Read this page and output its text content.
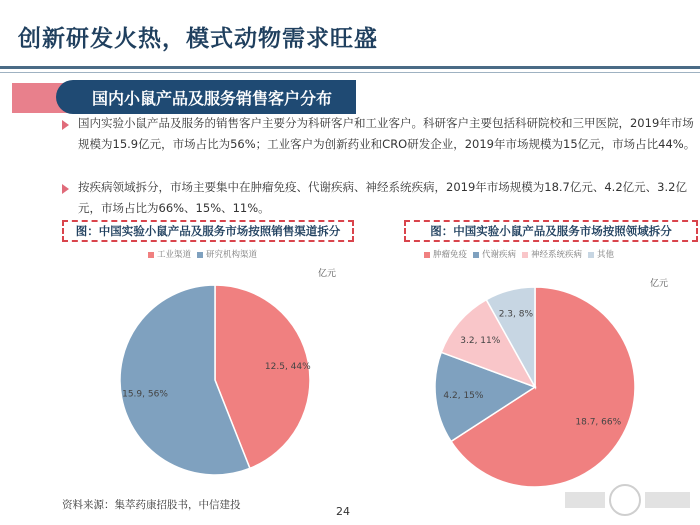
创新研发火热，模式动物需求旺盛
国内小鼠产品及服务销售客户分布
国内实验小鼠产品及服务的销售客户主要分为科研客户和工业客户。科研客户主要包括科研院校和三甲医院，2019年市场规模为15.9亿元，市场占比为56%；工业客户为创新药业和CRO研发企业，2019年市场规模为15亿元，市场占比44%。
按疾病领域拆分，市场主要集中在肿瘤免疫、代谢疾病、神经系统疾病，2019年市场规模为18.7亿元、4.2亿元、3.2亿元，市场占比为66%、15%、11%。
图：中国实验小鼠产品及服务市场按照销售渠道拆分
工业渠道	研究机构渠道
亿元
12.5, 44%
15.9, 56%
图：中国实验小鼠产品及服务市场按照领域拆分
肿瘤免疫	代谢疾病	神经系统疾病	其他
亿元
18.7, 66%
4.2, 15%
3.2, 11%
2.3, 8%
资料来源：集萃药康招股书，中信建投	24
